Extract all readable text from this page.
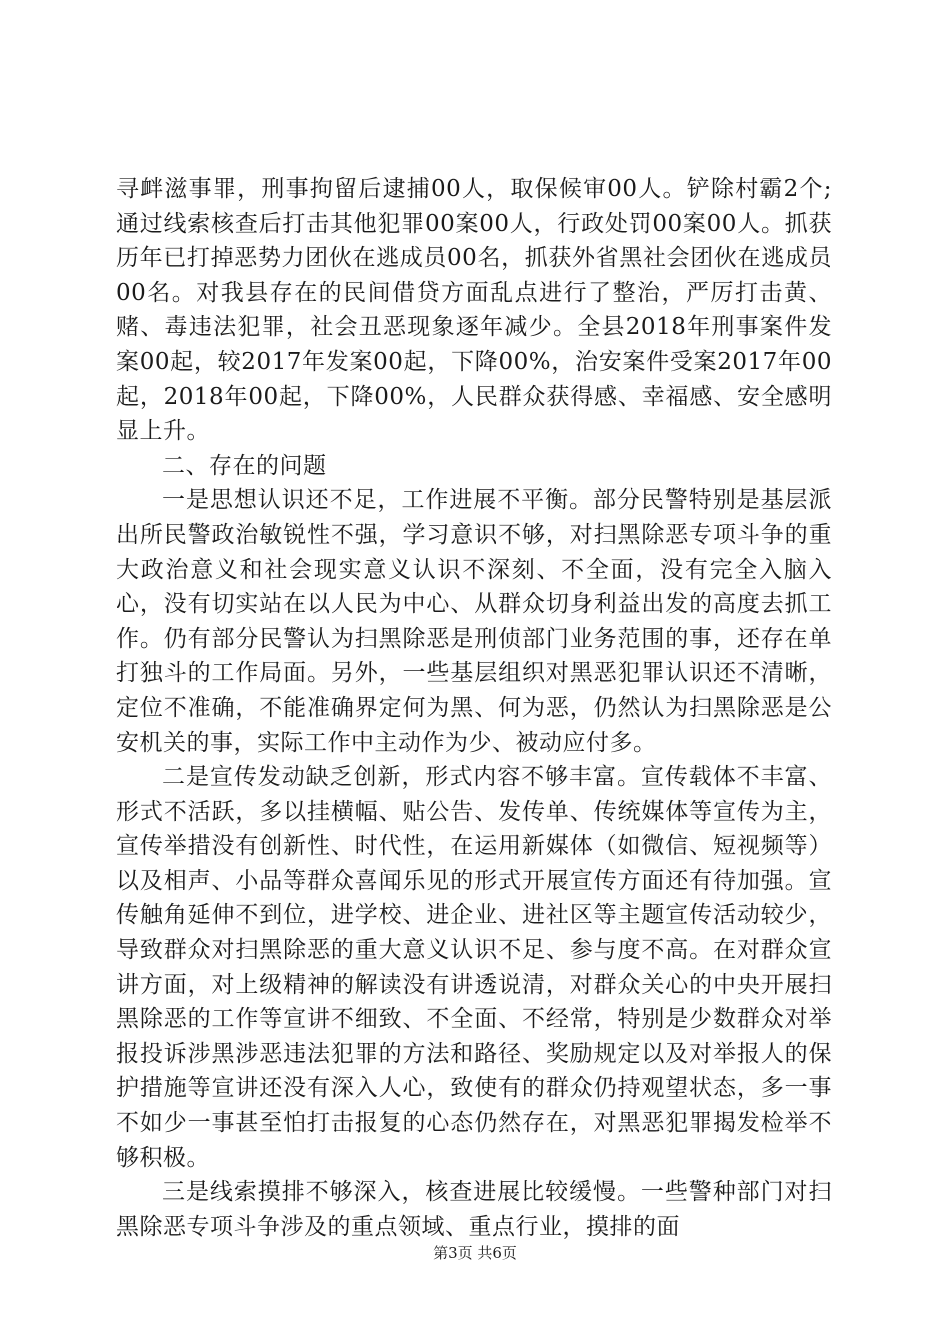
寻衅滋事罪，刑事拘留后逮捕00人，取保候审00人。铲除村霸2个;通过线索核查后打击其他犯罪00案00人，行政处罚00案00人。抓获历年已打掉恶势力团伙在逃成员00名，抓获外省黑社会团伙在逃成员00名。对我县存在的民间借贷方面乱点进行了整治，严厉打击黄、赌、毒违法犯罪，社会丑恶现象逐年减少。全县2018年刑事案件发案00起，较2017年发案00起，下降00%，治安案件受案2017年00起，2018年00起，下降00%，人民群众获得感、幸福感、安全感明显上升。

二、存在的问题

一是思想认识还不足，工作进展不平衡。部分民警特别是基层派出所民警政治敏锐性不强，学习意识不够，对扫黑除恶专项斗争的重大政治意义和社会现实意义认识不深刻、不全面，没有完全入脑入心，没有切实站在以人民为中心、从群众切身利益出发的高度去抓工作。仍有部分民警认为扫黑除恶是刑侦部门业务范围的事，还存在单打独斗的工作局面。另外，一些基层组织对黑恶犯罪认识还不清晰，定位不准确，不能准确界定何为黑、何为恶，仍然认为扫黑除恶是公安机关的事，实际工作中主动作为少、被动应付多。

二是宣传发动缺乏创新，形式内容不够丰富。宣传载体不丰富、形式不活跃，多以挂横幅、贴公告、发传单、传统媒体等宣传为主，宣传举措没有创新性、时代性，在运用新媒体（如微信、短视频等）以及相声、小品等群众喜闻乐见的形式开展宣传方面还有待加强。宣传触角延伸不到位，进学校、进企业、进社区等主题宣传活动较少，导致群众对扫黑除恶的重大意义认识不足、参与度不高。在对群众宣讲方面，对上级精神的解读没有讲透说清，对群众关心的中央开展扫黑除恶的工作等宣讲不细致、不全面、不经常，特别是少数群众对举报投诉涉黑涉恶违法犯罪的方法和路径、奖励规定以及对举报人的保护措施等宣讲还没有深入人心，致使有的群众仍持观望状态，多一事不如少一事甚至怕打击报复的心态仍然存在，对黑恶犯罪揭发检举不够积极。

三是线索摸排不够深入，核查进展比较缓慢。一些警种部门对扫黑除恶专项斗争涉及的重点领域、重点行业，摸排的面

第3页 共6页
